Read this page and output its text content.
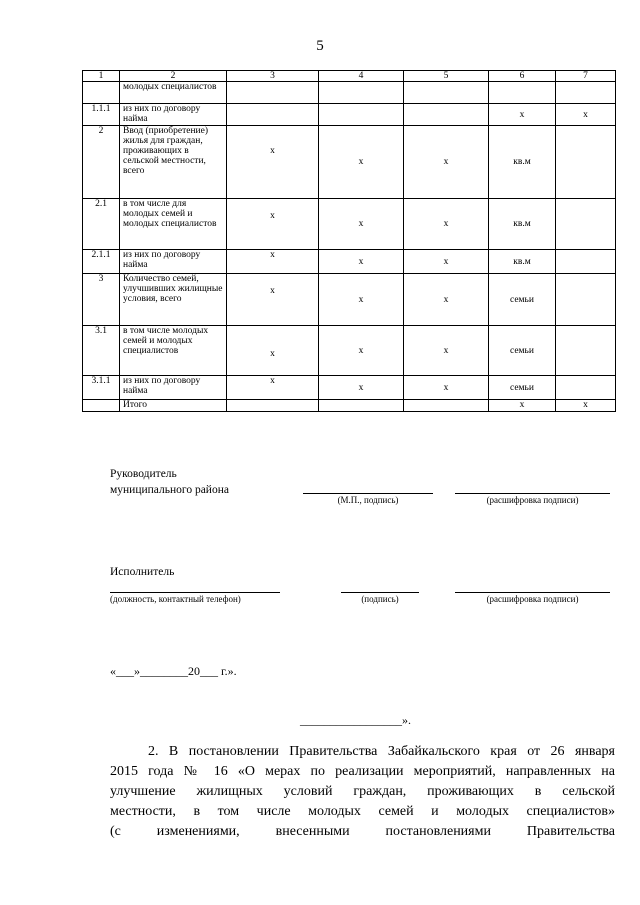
5
1	2	3	4	5	6	7
	молодых специалистов					
1.1.1	из них по договору найма				х	х
2	Ввод (приобретение) жилья для граждан, проживающих в сельской местности, всего	х	х	х	кв.м	
2.1	в том числе для молодых семей и молодых специалистов	х	х	х	кв.м	
2.1.1	из них по договору найма	х	х	х	кв.м	
3	Количество семей, улучшивших жилищные условия, всего	х	х	х	семьи	
3.1	в том числе молодых семей и молодых специалистов	х	х	х	семьи	
3.1.1	из них по договору найма	х	х	х	семьи	
	Итого				х	х
Руководитель
муниципального района
(М.П., подпись)	(расшифровка подписи)
Исполнитель
(должность, контактный телефон)	(подпись)	(расшифровка подписи)
«___»________20___ г.».
_________________».
2. В постановлении Правительства Забайкальского края от 26 января
2015 года № 16 «О мерах по реализации мероприятий, направленных на
улучшение жилищных условий граждан, проживающих в сельской
местности, в том числе молодых семей и молодых специалистов»
(с изменениями, внесенными постановлениями Правительства
